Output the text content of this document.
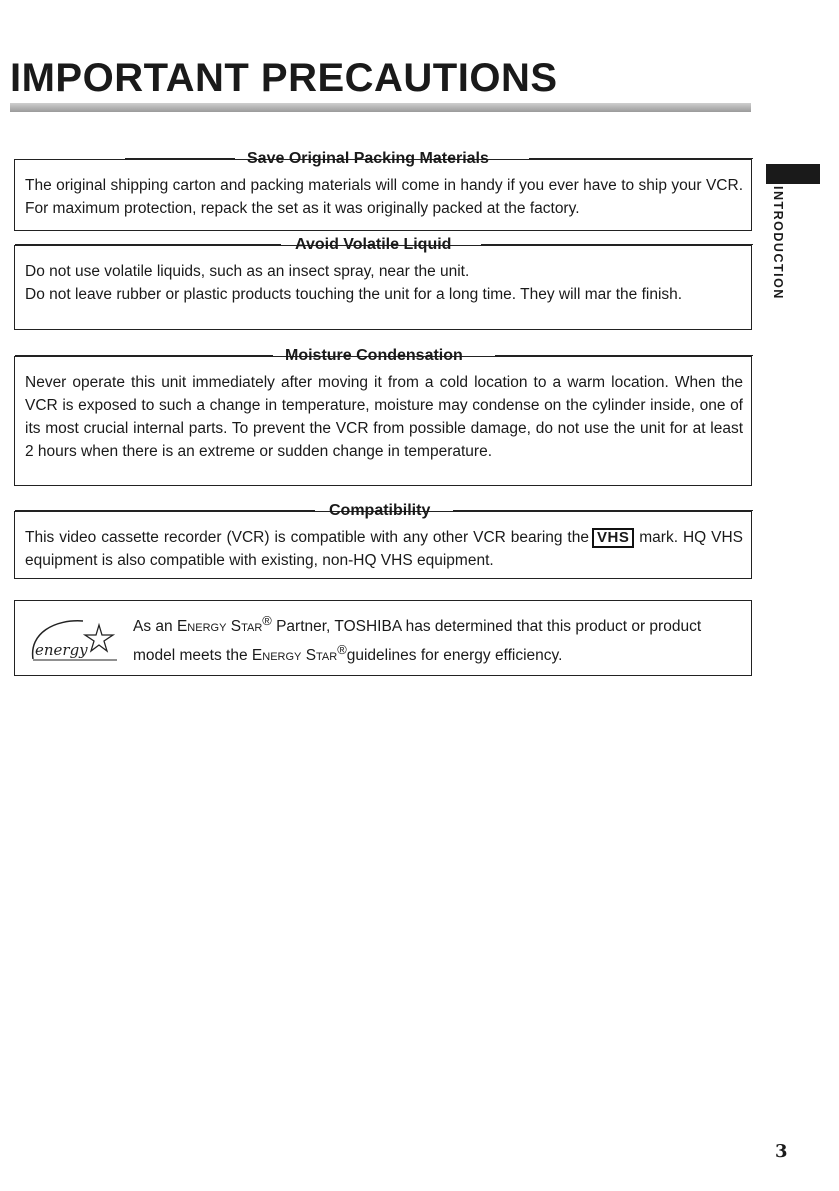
IMPORTANT PRECAUTIONS
INTRODUCTION
Save Original Packing Materials

The original shipping carton and packing materials will come in handy if you ever have to ship your VCR. For maximum protection, repack the set as it was originally packed at the factory.

Avoid Volatile Liquid

Do not use volatile liquids, such as an insect spray, near the unit.

Do not leave rubber or plastic products touching the unit for a long time. They will mar the finish.

Moisture Condensation

Never operate this unit immediately after moving it from a cold location to a warm location. When the VCR is exposed to such a change in temperature, moisture may condense on the cylinder inside, one of its most crucial internal parts. To prevent the VCR from possible damage, do not use the unit for at least 2 hours when there is an extreme or sudden change in temperature.

Compatibility

This video cassette recorder (VCR) is compatible with any other VCR bearing the VHS mark. HQ VHS equipment is also compatible with existing, non-HQ VHS equipment.

energy

As an Energy Star® Partner, TOSHIBA has determined that this product or product model meets the Energy Star®guidelines for energy efficiency.

3
